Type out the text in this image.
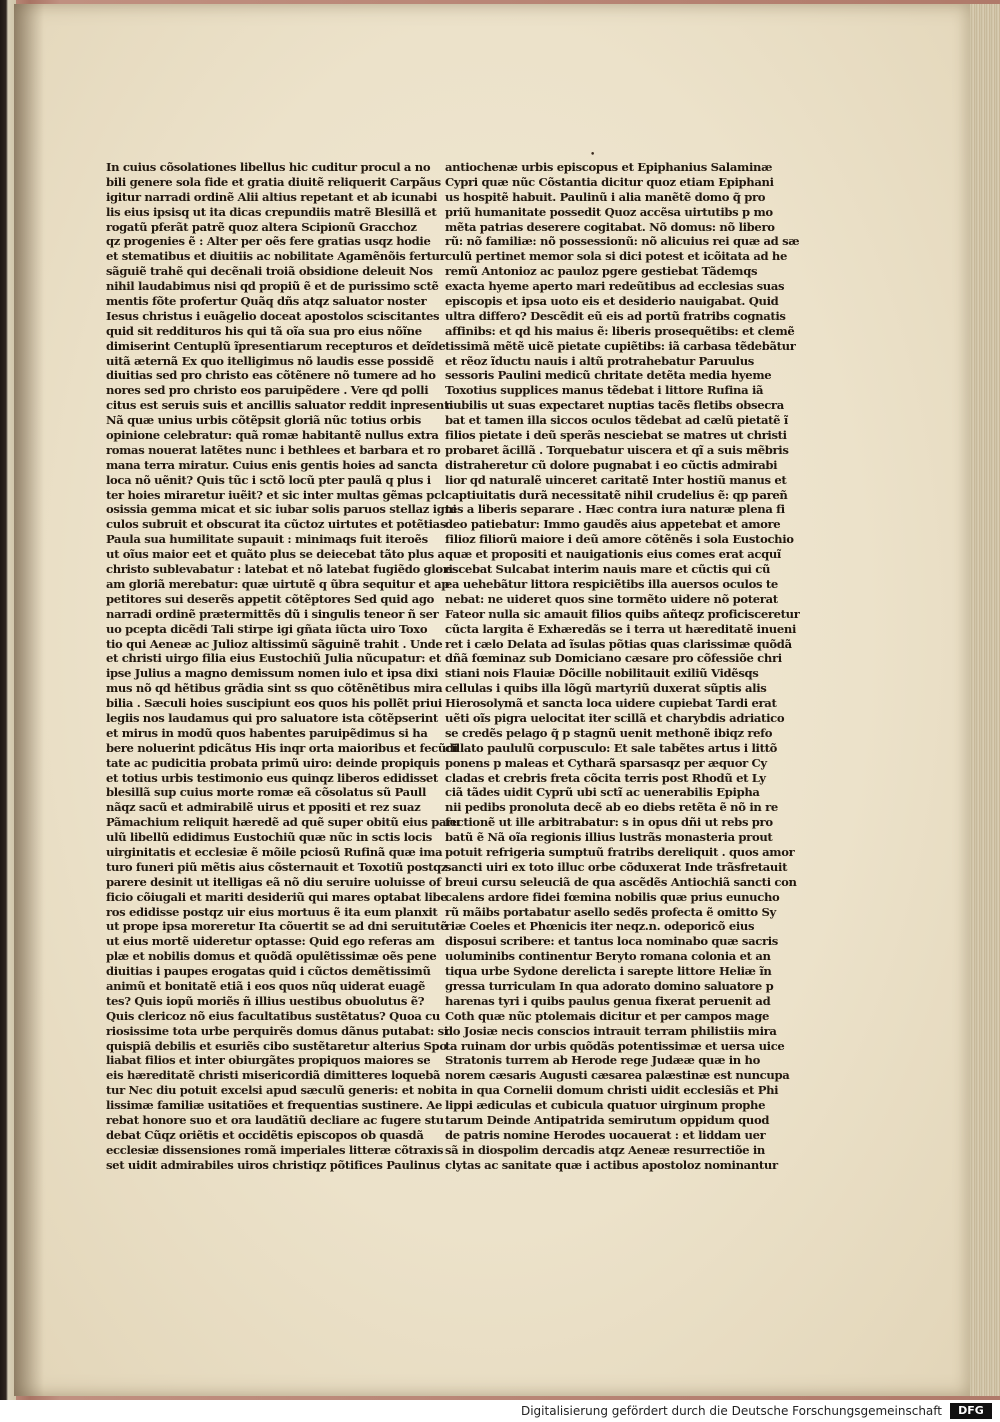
•
In cuius cõsolationes libellus hic cuditur procul a no
bili genere sola fide et gratia diuitẽ reliquerit Carpãus
igitur narradi ordinẽ Alii altius repetant et ab icunabi
lis eius ipsisq ut ita dicas crepundiis matrẽ Blesillã et
rogatũ pferãt patrẽ quoz altera Scipionũ Gracchoz
qz progenies ẽ : Alter per oẽs fere gratias usqz hodie
et stematibus et diuitiis ac nobilitate Agamẽnõis fertur
sãguiẽ trahẽ qui decẽnali troiã obsidione deleuit Nos
nihil laudabimus nisi qd propiũ ẽ et de purissimo sctẽ
mentis fõte profertur Quãq dñs atqz saluator noster
Iesus christus i euãgelio doceat apostolos sciscitantes
quid sit reddituros his qui tã oĩa sua pro eius nõĩne
dimiserint Centuplũ ĩpresentiarum recepturos et deĩde
uitã æternã Ex quo itelligimus nõ laudis esse possidẽ
diuitias sed pro christo eas cõtẽnere nõ tumere ad ho
nores sed pro christo eos paruipẽdere . Vere qd polli
citus est seruis suis et ancillis saluator reddit inpresenti
Nã quæ unius urbis cõtẽpsit gloriã nũc totius orbis
opinione celebratur: quã romæ habitantẽ nullus extra
romas nouerat latẽtes nunc i bethlees et barbara et ro
mana terra miratur. Cuius enis gentis hoies ad sancta
loca nõ uẽnit? Quis tũc i sctõ locũ pter paulã q plus i
ter hoies miraretur iuẽit? et sic inter multas gẽmas pcl
osissia gemma micat et sic iubar solis paruos stellaz igni
culos subruit et obscurat ita cũctoz uirtutes et potẽtias
Paula sua humilitate supauit : minimaqs fuit iteroẽs
ut oĩus maior eet et quãto plus se deiecebat tãto plus a
christo sublevabatur : latebat et nõ latebat fugiẽdo glori
am gloriã merebatur: quæ uirtutẽ q ũbra sequitur et ap
petitores sui deserẽs appetit cõtẽptores Sed quid ago
narradi ordinẽ prætermittẽs dũ i singulis teneor ñ ser
uo pcepta dicẽdi Tali stirpe igi gñata iũcta uiro Toxo
tio qui Aeneæ ac Julioz altissimũ sãguinẽ trahit . Unde
et christi uirgo filia eius Eustochiũ Julia nũcupatur: et
ipse Julius a magno demissum nomen iulo et ipsa dixi
mus nõ qd hẽtibus grãdia sint ss quo cõtẽnẽtibus mira
bilia . Sæculi hoies suscipiunt eos quos his pollẽt priui
legiis nos laudamus qui pro saluatore ista cõtẽpserint
et mirus in modũ quos habentes paruipẽdimus si ha
bere noluerint pdicãtus His inqr orta maioribus et fecũdi
tate ac pudicitia probata primũ uiro: deinde propiquis
et totius urbis testimonio eus quinqz liberos edidisset
blesillã sup cuius morte romæ eã cõsolatus sũ Paull
nãqz sacũ et admirabilẽ uirus et ppositi et rez suaz
Pãmachium reliquit hæredẽ ad quẽ super obitũ eius paru
ulũ libellũ edidimus Eustochiũ quæ nũc in sctis locis
uirginitatis et ecclesiæ ẽ mõile pciosũ Rufinã quæ ima
turo funeri piũ mẽtis aius cõsternauit et Toxotiũ postqz
parere desinit ut itelligas eã nõ diu seruire uoluisse of
ficio cõiugali et mariti desideriũ qui mares optabat libe
ros edidisse postqz uir eius mortuus ẽ ita eum planxit
ut prope ipsa moreretur Ita cõuertit se ad dni seruitutẽ
ut eius mortẽ uideretur optasse: Quid ego referas am
plæ et nobilis domus et quõdã opulẽtissimæ oẽs pene
diuitias i paupes erogatas quid i cũctos demẽtissimũ
animũ et bonitatẽ etiã i eos quos nũq uiderat euagẽ
tes? Quis iopũ moriẽs ñ illius uestibus obuolutus ẽ?
Quis clericoz nõ eius facultatibus sustẽtatus? Quoa cu
riosissime tota urbe perquirẽs domus dãnus putabat: si
quispiã debilis et esuriẽs cibo sustẽtaretur alterius Spo
liabat filios et inter obiurgãtes propiquos maiores se
eis hæreditatẽ christi misericordiã dimitteres loquebã
tur Nec diu potuit excelsi apud sæculũ generis: et nobi
lissimæ familiæ usitatiões et frequentias sustinere. Ae
rebat honore suo et ora laudãtiũ decliare ac fugere stu
debat Cũqz oriẽtis et occidẽtis episcopos ob quasdã
ecclesiæ dissensiones romã imperiales litteræ cõtraxis
set uidit admirabiles uiros christiqz põtifices Paulinus
antiochenæ urbis episcopus et Epiphanius Salaminæ
Cypri quæ nũc Cõstantia dicitur quoz etiam Epiphani
us hospitẽ habuit. Paulinũ i alia manẽtẽ domo q̃ pro
priũ humanitate possedit Quoz accẽsa uirtutibs p mo
mẽta patrias deserere cogitabat. Nõ domus: nõ libero
rũ: nõ familiæ: nõ possessionũ: nõ alicuius rei quæ ad sæ
culũ pertinet memor sola si dici potest et icõitata ad he
remũ Antonioz ac pauloz pgere gestiebat Tãdemqs
exacta hyeme aperto mari redeũtibus ad ecclesias suas
episcopis et ipsa uoto eis et desiderio nauigabat. Quid
ultra differo? Descẽdit eũ eis ad portũ fratribs cognatis
affinibs: et qd his maius ẽ: liberis prosequẽtibs: et clemẽ
tissimã mẽtẽ uicẽ pietate cupiẽtibs: iã carbasa tẽdebãtur
et rẽoz ĩductu nauis i altũ protrahebatur Paruulus
sessoris Paulini medicũ chritate detẽta media hyeme
Toxotius supplices manus tẽdebat i littore Rufina iã
nubilis ut suas expectaret nuptias tacẽs fletibs obsecra
bat et tamen illa siccos oculos tẽdebat ad cælũ pietatẽ ĩ
filios pietate i deũ sperãs nesciebat se matres ut christi
probaret ãcillã . Torquebatur uiscera et qĩ a suis mẽbris
distraheretur cũ dolore pugnabat i eo cũctis admirabi
lior qd naturalẽ uinceret caritatẽ Inter hostiũ manus et
captiuitatis durã necessitatẽ nihil crudelius ẽ: qp pareñ
tes a liberis separare . Hæc contra iura naturæ plena fi
deo patiebatur: Immo gaudẽs aius appetebat et amore
filioz filiorũ maiore i deũ amore cõtẽnẽs i sola Eustochio
quæ et propositi et nauigationis eius comes erat acquĩ
escebat Sulcabat interim nauis mare et cũctis qui cũ
ea uehebãtur littora respiciẽtibs illa auersos oculos te
nebat: ne uideret quos sine tormẽto uidere nõ poterat
Fateor nulla sic amauit filios quibs añteqz proficisceretur
cũcta largita ẽ Exhæredãs se i terra ut hæreditatẽ inueni
ret i cælo Delata ad ĩsulas põtias quas clarissimæ quõdã
dñã fœminaz sub Domiciano cæsare pro cõfessiõe chri
stiani nois Flauiæ Dõcille nobilitauit exiliũ Vidẽsqs
cellulas i quibs illa lõgũ martyriũ duxerat sũptis alis
Hierosolymã et sancta loca uidere cupiebat Tardi erat
uẽti oĩs pigra uelocitat iter scillã et charybdis adriatico
se credẽs pelago q̃ p stagnũ uenit methonẽ ibiqz refo
cillato paululũ corpusculo: Et sale tabẽtes artus i littõ
ponens p maleas et Cytharã sparsasqz per æquor Cy
cladas et crebris freta cõcita terris post Rhodũ et Ly
ciã tãdes uidit Cyprũ ubi sctĩ ac uenerabilis Epipha
nii pedibs pronoluta decẽ ab eo diebs retẽta ẽ nõ in re
fectionẽ ut ille arbitrabatur: s in opus dñi ut rebs pro
batũ ẽ Nã oĩa regionis illius lustrãs monasteria prout
potuit refrigeria sumptuũ fratribs dereliquit . quos amor
sancti uiri ex toto illuc orbe cõduxerat Inde trãsfretauit
breui cursu seleuciã de qua ascẽdẽs Antiochiã sancti con
calens ardore fidei fœmina nobilis quæ prius eunucho
rũ mãibs portabatur asello sedẽs profecta ẽ omitto Sy
riæ Coeles et Phœnicis iter neqz.n. odeporicõ eius
disposui scribere: et tantus loca nominabo quæ sacris
uoluminibs continentur Beryto romana colonia et an
tiqua urbe Sydone derelicta i sarepte littore Heliæ ĩn
gressa turriculam In qua adorato domino saluatore p
harenas tyri i quibs paulus genua fixerat peruenit ad
Coth quæ nũc ptolemais dicitur et per campos mage
do Josiæ necis conscios intrauit terram philistiis mira
ta ruinam dor urbis quõdãs potentissimæ et uersa uice
Stratonis turrem ab Herode rege Judææ quæ in ho
norem cæsaris Augusti cæsarea palæstinæ est nuncupa
ta in qua Cornelii domum christi uidit ecclesiãs et Phi
lippi ædiculas et cubicula quatuor uirginum prophe
tarum Deinde Antipatrida semirutum oppidum quod
de patris nomine Herodes uocauerat : et liddam uer
sã in diospolim dercadis atqz Aeneæ resurrectiõe in
clytas ac sanitate quæ i actibus apostoloz nominantur
Digitalisierung gefördert durch die Deutsche Forschungsgemeinschaft	DFG
